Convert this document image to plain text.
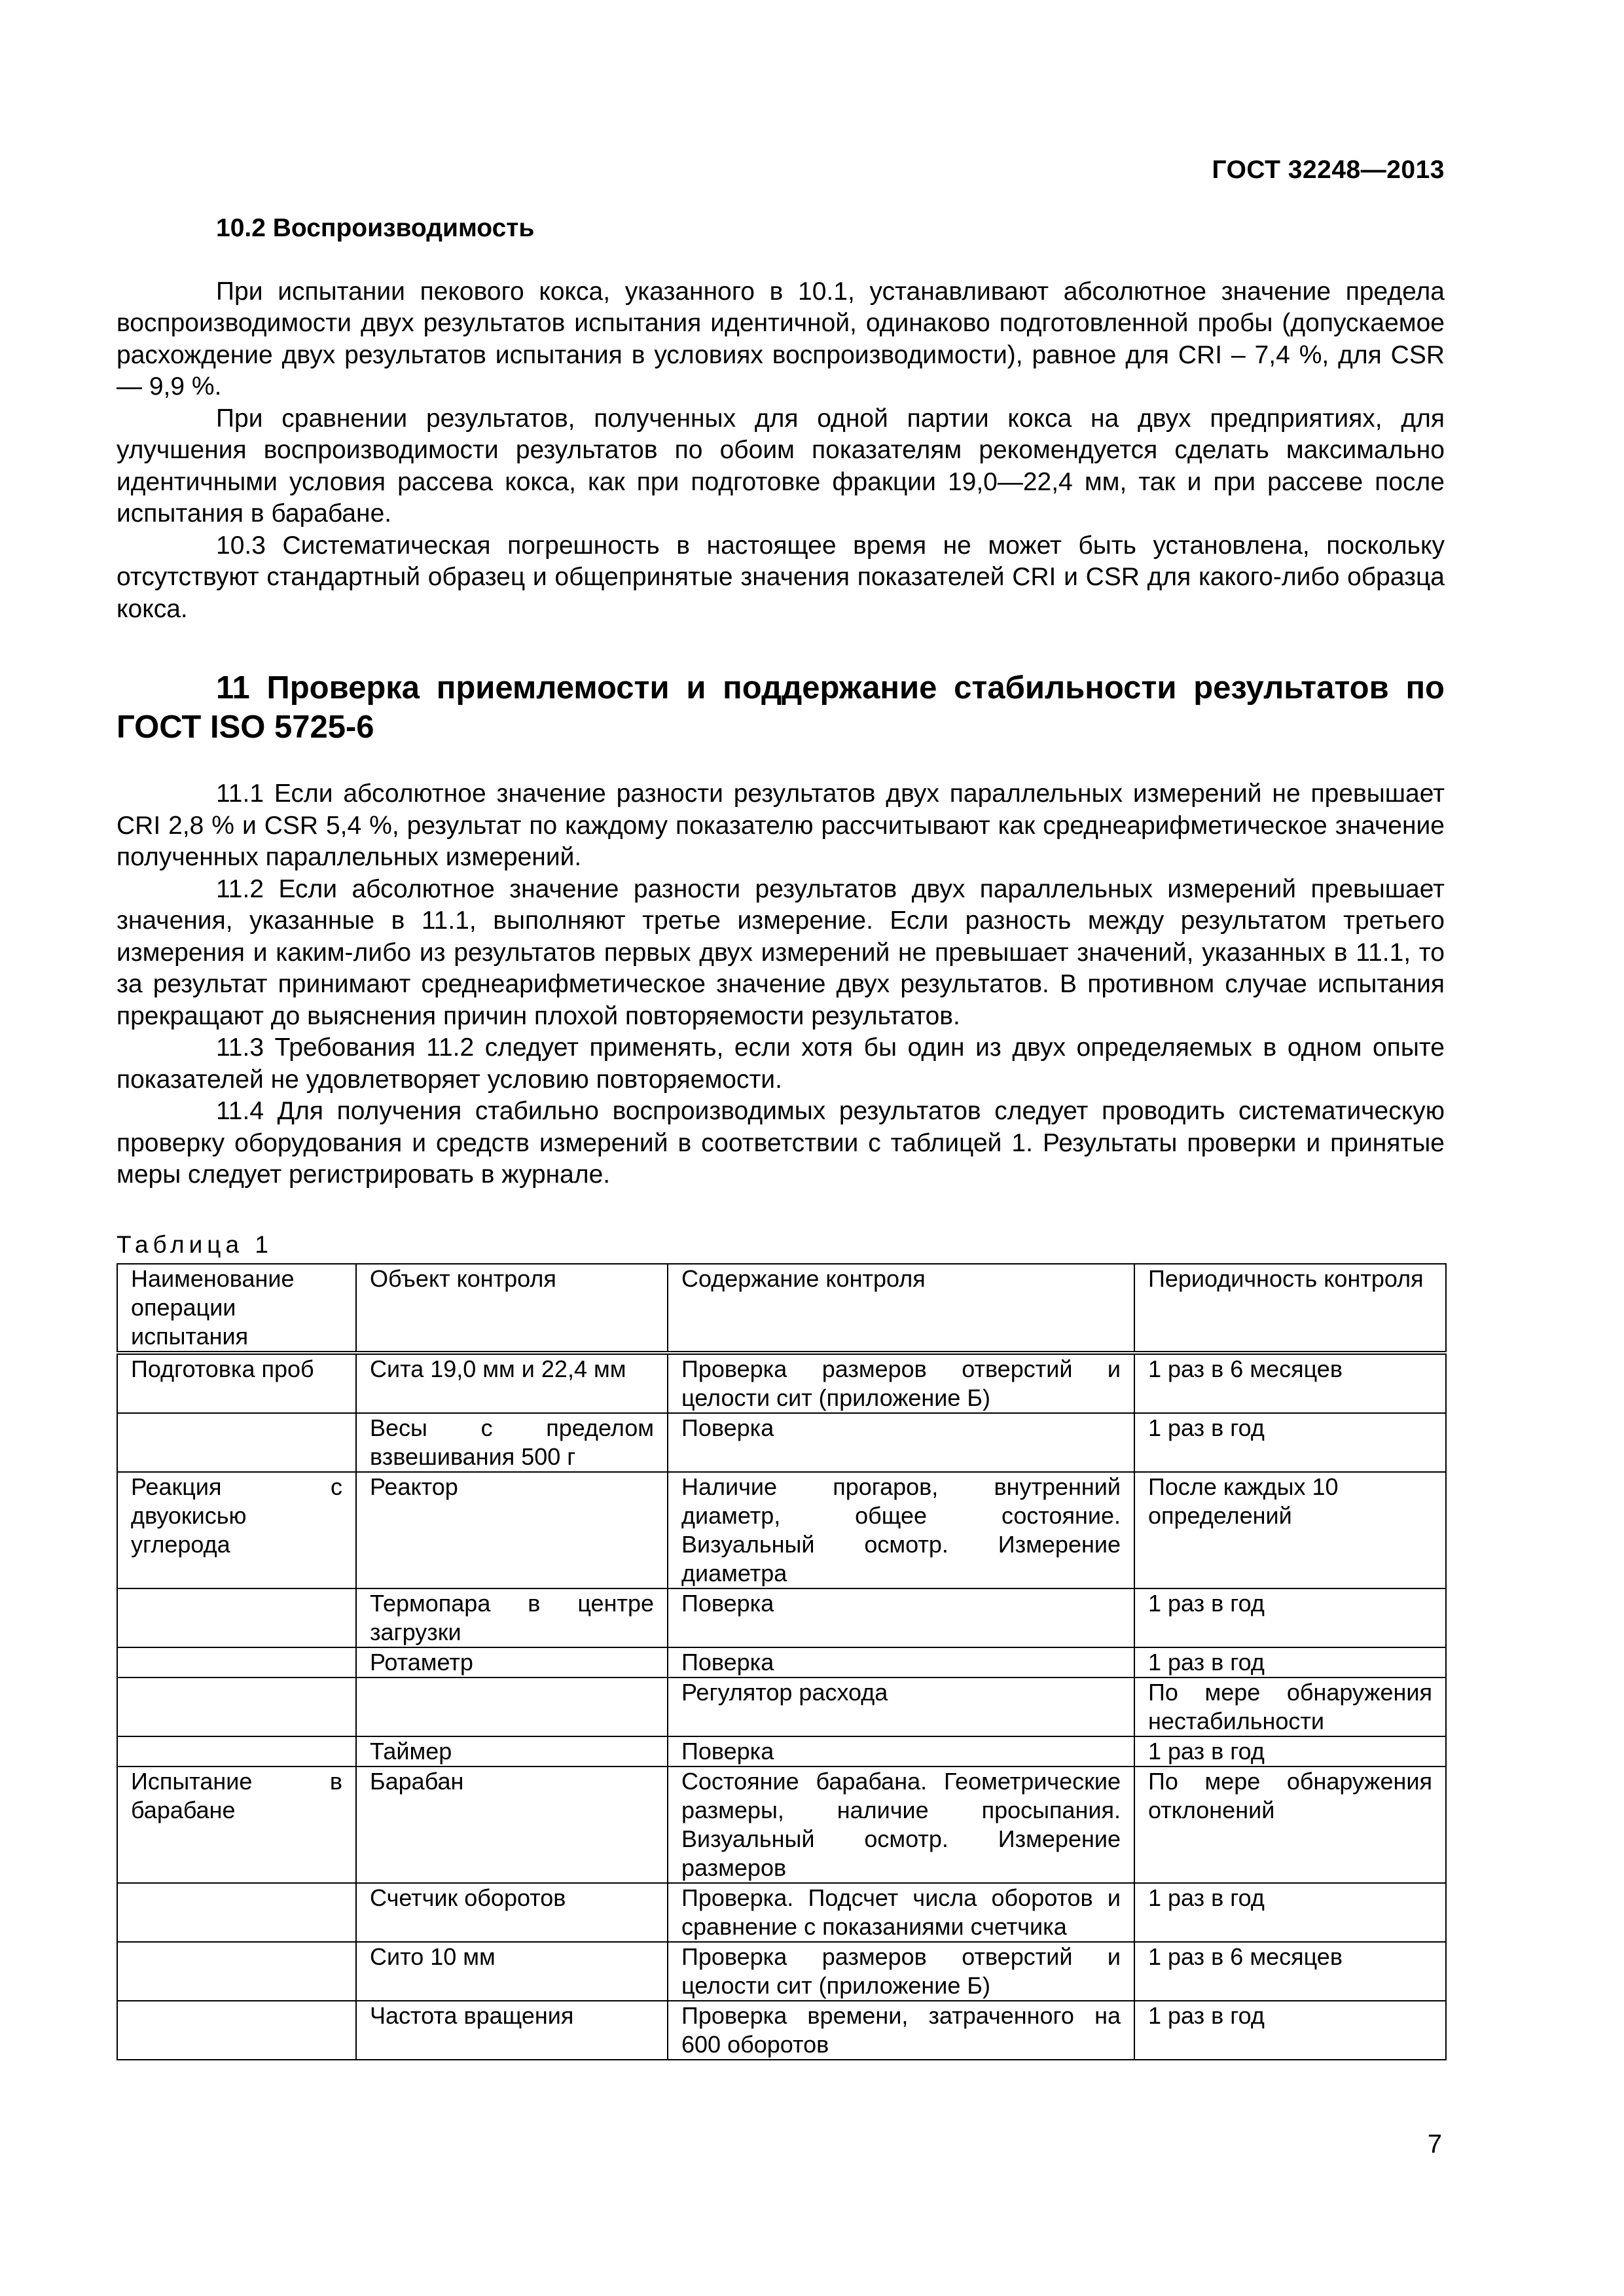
ГОСТ 32248—2013

10.2 Воспроизводимость

При испытании пекового кокса, указанного в 10.1, устанавливают абсолютное значение предела воспроизводимости двух результатов испытания идентичной, одинаково подготовленной пробы (допускаемое расхождение двух результатов испытания в условиях воспроизводимости), равное для CRI – 7,4 %, для CSR — 9,9 %.

При сравнении результатов, полученных для одной партии кокса на двух предприятиях, для улучшения воспроизводимости результатов по обоим показателям рекомендуется сделать максимально идентичными условия рассева кокса, как при подготовке фракции 19,0—22,4 мм, так и при рассеве после испытания в барабане.

10.3 Систематическая погрешность в настоящее время не может быть установлена, поскольку отсутствуют стандартный образец и общепринятые значения показателей CRI и CSR для какого-либо образца кокса.

11 Проверка приемлемости и поддержание стабильности результатов по ГОСТ ISO 5725-6

11.1 Если абсолютное значение разности результатов двух параллельных измерений не превышает CRI 2,8 % и CSR 5,4 %, результат по каждому показателю рассчитывают как среднеарифметическое значение полученных параллельных измерений.

11.2 Если абсолютное значение разности результатов двух параллельных измерений превышает значения, указанные в 11.1, выполняют третье измерение. Если разность между результатом третьего измерения и каким-либо из результатов первых двух измерений не превышает значений, указанных в 11.1, то за результат принимают среднеарифметическое значение двух результатов. В противном случае испытания прекращают до выяснения причин плохой повторяемости результатов.

11.3 Требования 11.2 следует применять, если хотя бы один из двух определяемых в одном опыте показателей не удовлетворяет условию повторяемости.

11.4 Для получения стабильно воспроизводимых результатов следует проводить систематическую проверку оборудования и средств измерений в соответствии с таблицей 1. Результаты проверки и принятые меры следует регистрировать в журнале.

Таблица 1
Наименование операции испытания	Объект контроля	Содержание контроля	Периодичность контроля
Подготовка проб	Сита 19,0 мм и 22,4 мм	Проверка размеров отверстий и целости сит (приложение Б)	1 раз в 6 месяцев
	Весы с пределом взвешивания 500 г	Поверка	1 раз в год
Реакция с двуокисью углерода	Реактор	Наличие прогаров, внутренний диаметр, общее состояние. Визуальный осмотр. Измерение диаметра	После каждых 10 определений
	Термопара в центре загрузки	Поверка	1 раз в год
	Ротаметр	Поверка	1 раз в год
		Регулятор расхода	По мере обнаружения нестабильности
	Таймер	Поверка	1 раз в год
Испытание в барабане	Барабан	Состояние барабана. Геометрические размеры, наличие просыпания. Визуальный осмотр. Измерение размеров	По мере обнаружения отклонений
	Счетчик оборотов	Проверка. Подсчет числа оборотов и сравнение с показаниями счетчика	1 раз в год
	Сито 10 мм	Проверка размеров отверстий и целости сит (приложение Б)	1 раз в 6 месяцев
	Частота вращения	Проверка времени, затраченного на 600 оборотов	1 раз в год
7
